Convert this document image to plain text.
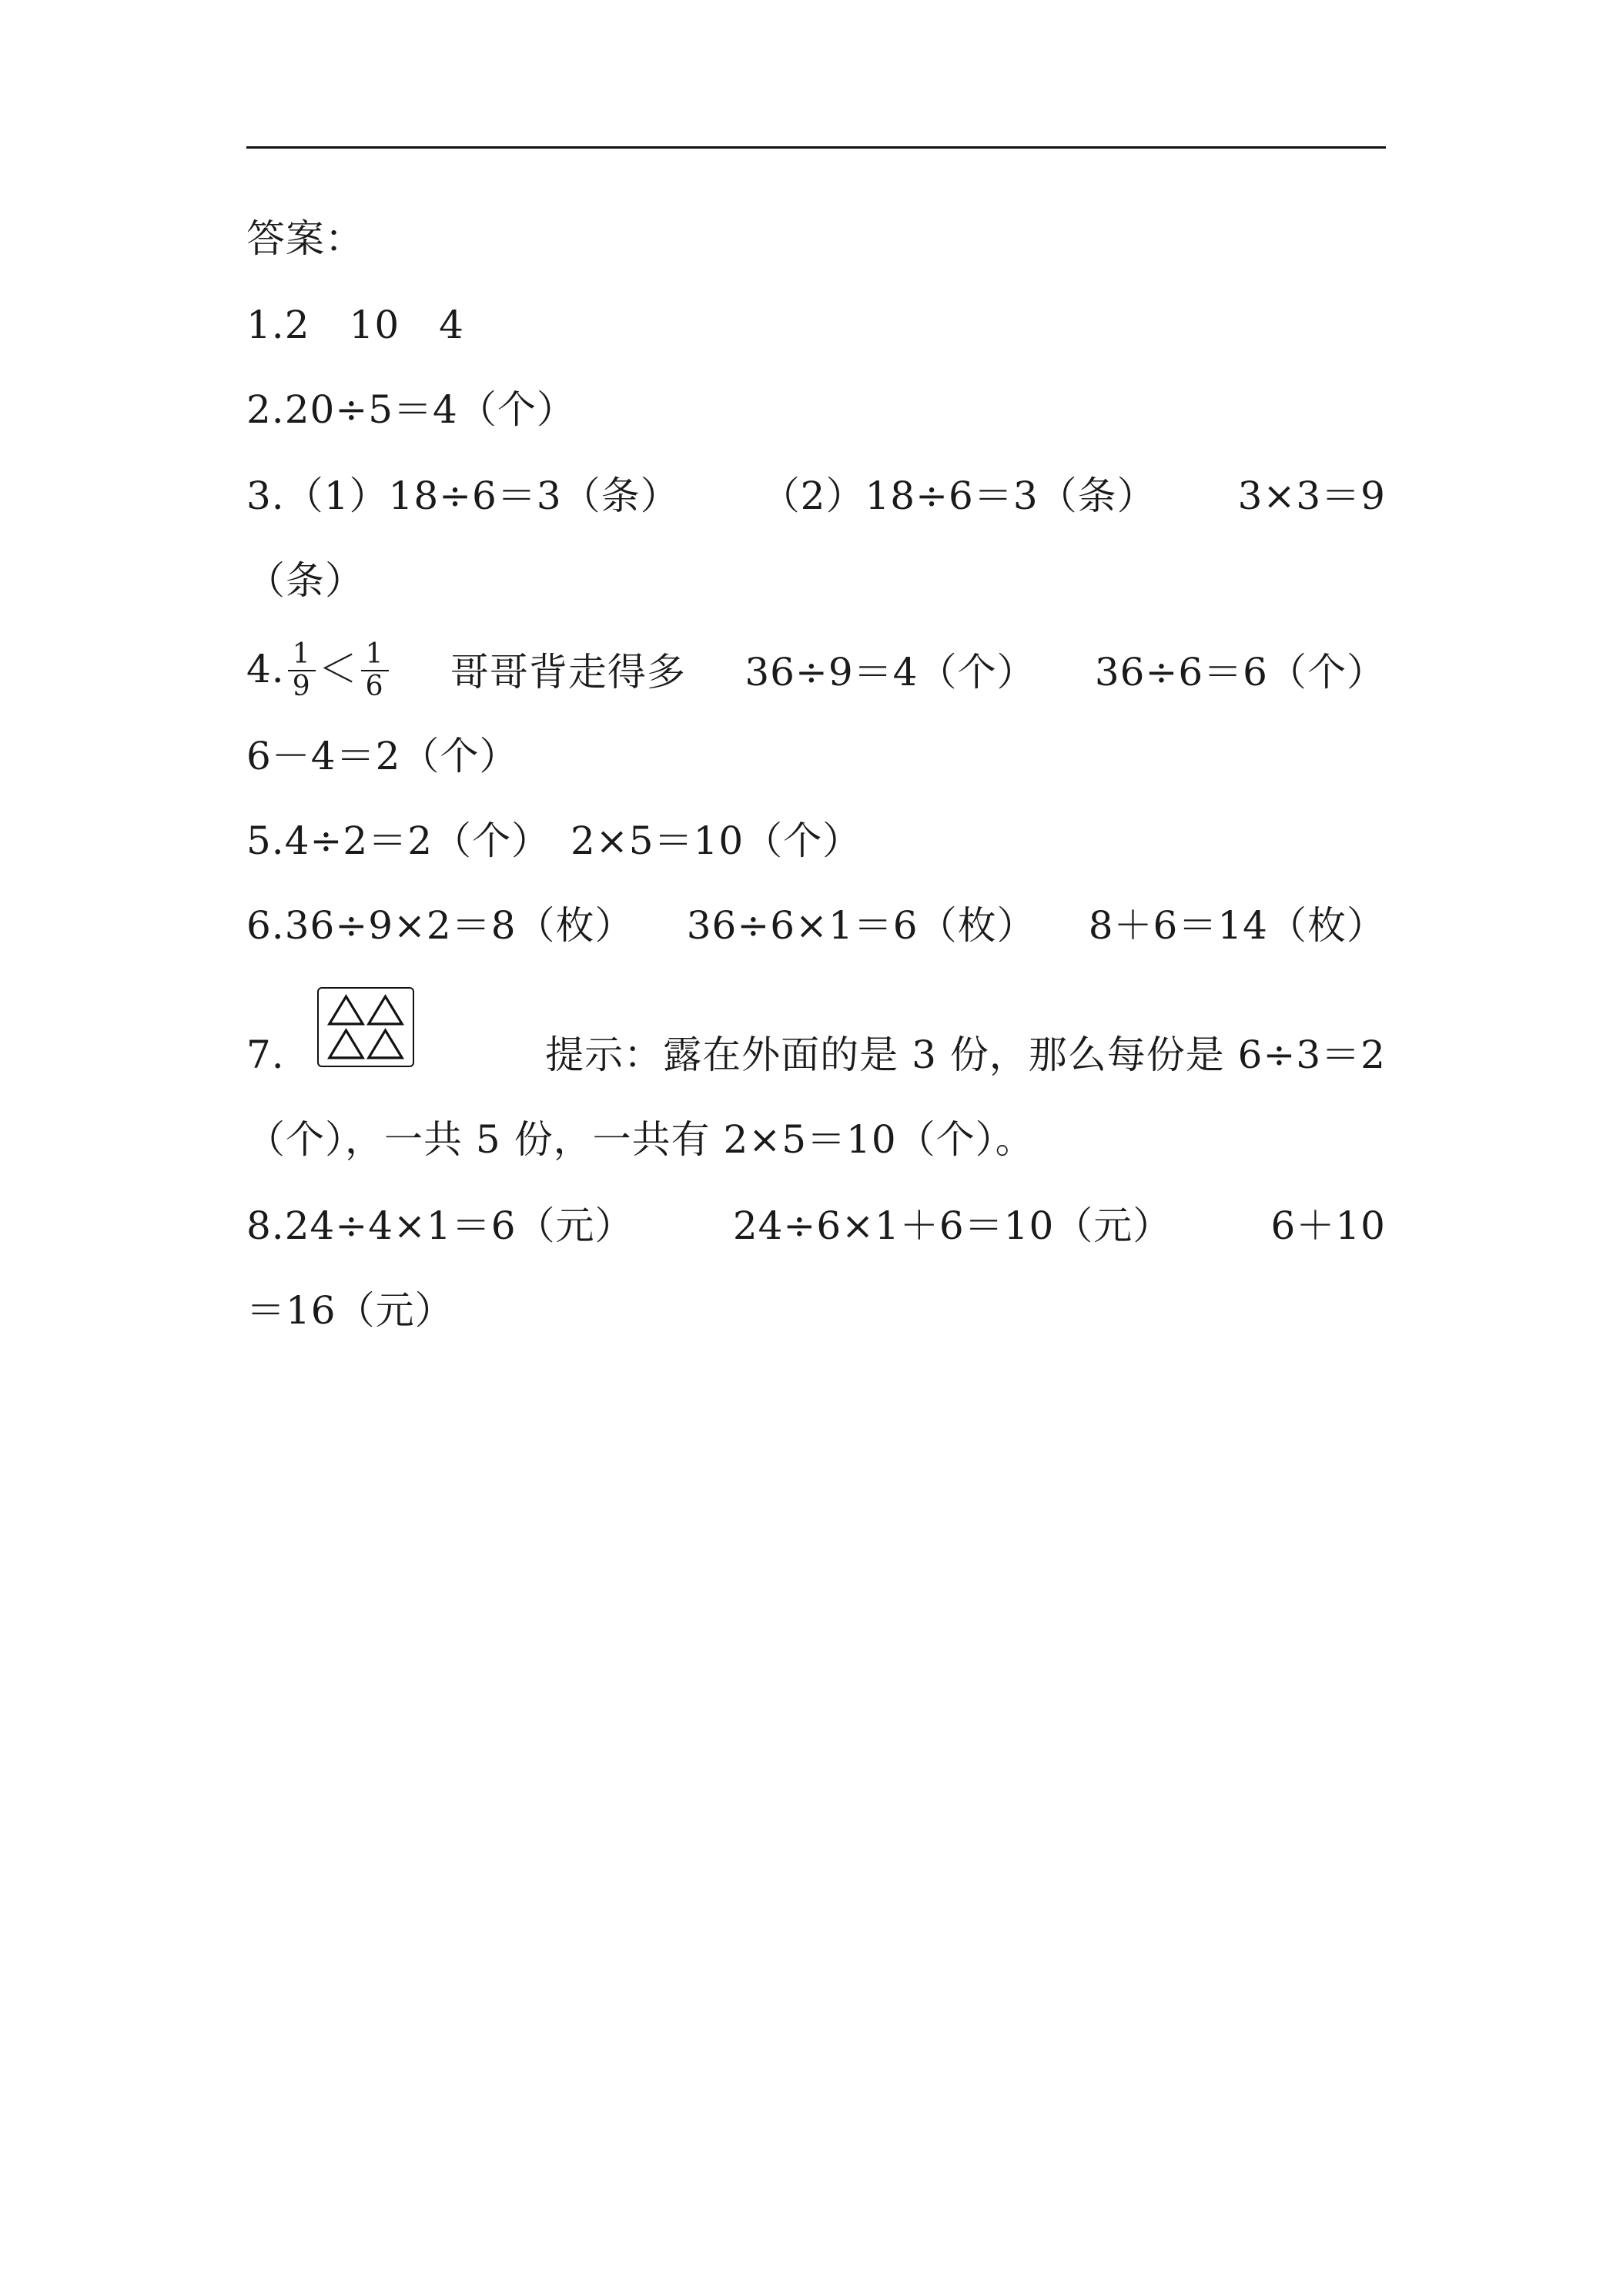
答案：
1.2　10　4
2.20÷5＝4（个）
3.（1）18÷6＝3（条） （2）18÷6＝3（条） 3×3＝9
（条）
4. $\frac{1}{9} < \frac{1}{6}$ 哥哥背走得多 36÷9＝4（个） 36÷6＝6（个）
6－4＝2（个）
5.4÷2＝2（个）　2×5＝10（个）
6.36÷9×2＝8（枚） 36÷6×1＝6（枚） 8＋6＝14（枚）
7.	提示：露在外面的是 3 份，那么每份是 6÷3＝2
（个），一共 5 份，一共有 2×5＝10（个）。
8.24÷4×1＝6（元）	24÷6×1＋6＝10（元）	6＋10
＝16（元）
